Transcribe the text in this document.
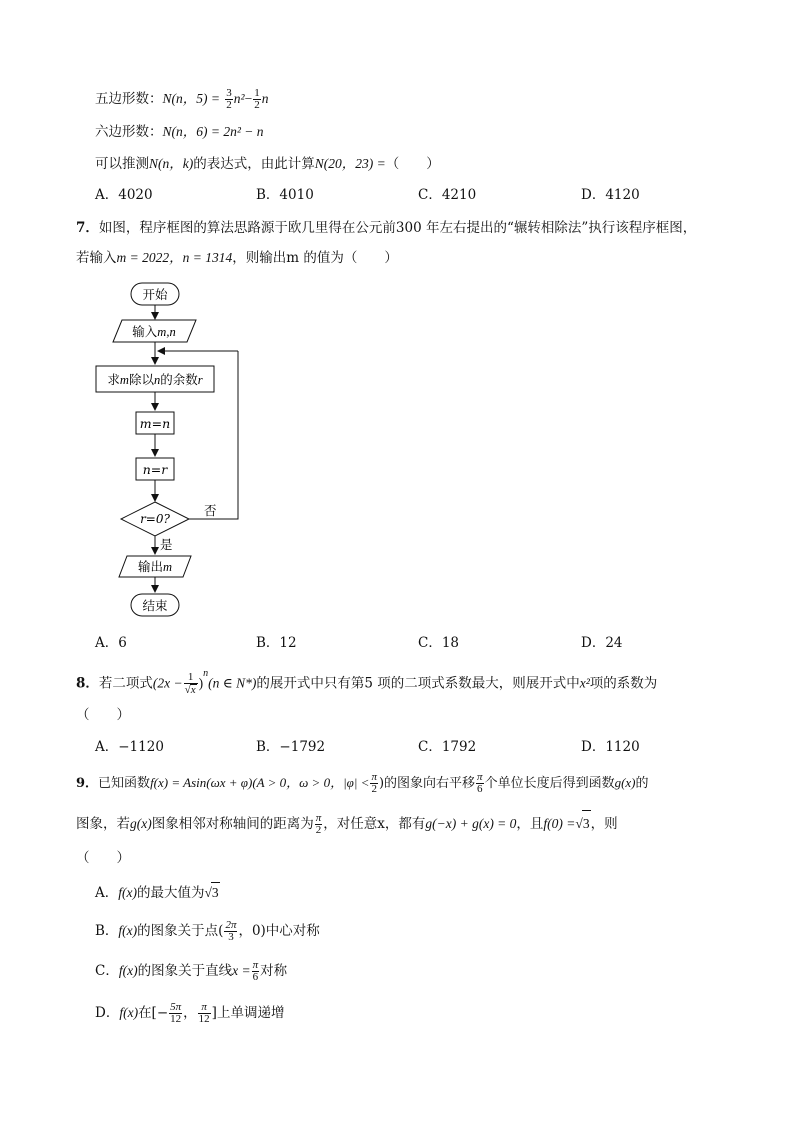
五边形数：N(n，$5) = \frac{3}{2} n^2- \frac{1}{2}$ n
六边形数：N(n，6) = 2n² − n
可以推测N(n，k)的表达式，由此计算N(20，23) =（　　）
A．4020	B．4010	C．4210	D．4120
7．如图，程序框图的算法思路源于欧几里得在公元前300 年左右提出的“辗转相除法”执行该程序框图，
若输入m = 2022，n = 1314，则输出m 的值为（　　）
开始
输入m,n
求m除以n的余数r
m=n
n=r
r=0?
否
是
输出m
结束
A．6	B．12	C．18	D．24
8．若二项式$(2x - \frac{1}{√x} )^n(n$ ∈ N*)的展开式中只有第5 项的二项式系数最大，则展开式中x²项的系数为
（　　）
A．−1120	B．−1792	C．1792	D．1120
9．已知函数f(x) = Asin(ωx + φ)(A > 0，ω > 0，$|\varphi| < \frac{\pi}{2}$ )的图象向右平移 $\frac{\pi}{6}$ 个单位长度后得到函数g(x)的
图象，若g(x)图象相邻对称轴间的距离为 $\frac{\pi}{2}$ ，对任意x，都有g(−x) + g(x) = 0，且f(0) =√3，则
（　　）
A．f(x)的最大值为√3
B．f(x)的图象关于点( $\frac{2\pi}{3}$ ，0)中心对称
C．f(x)的图象关于直线$x = \frac{\pi}{6}$ 对称
D．f(x)在[− $\frac{5\pi}{12}$ ， $\frac{\pi}{12}$ ]上单调递增
